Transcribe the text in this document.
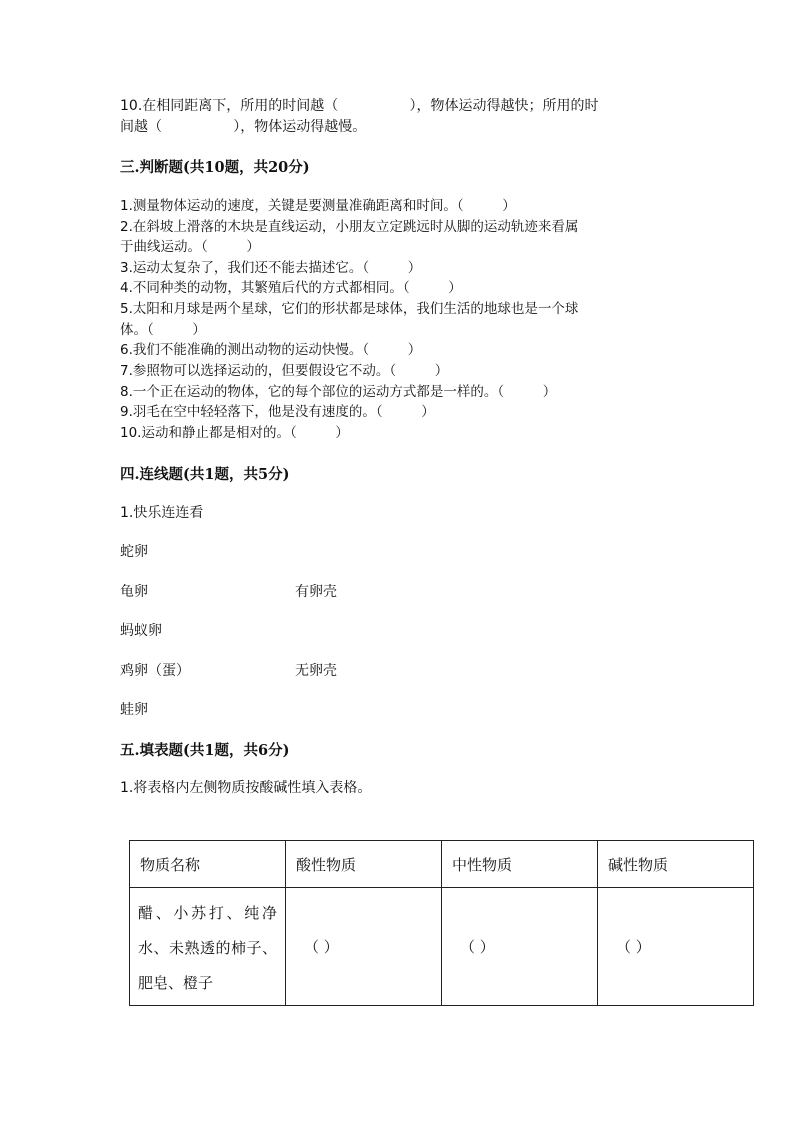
10.在相同距离下，所用的时间越（                ），物体运动得越快；所用的时
间越（                ），物体运动得越慢。
三.判断题(共10题，共20分)
1.测量物体运动的速度，关键是要测量准确距离和时间。（         ）
2.在斜坡上滑落的木块是直线运动，小朋友立定跳远时从脚的运动轨迹来看属
于曲线运动。（         ）
3.运动太复杂了，我们还不能去描述它。（         ）
4.不同种类的动物，其繁殖后代的方式都相同。（         ）
5.太阳和月球是两个星球，它们的形状都是球体，我们生活的地球也是一个球
体。（         ）
6.我们不能准确的测出动物的运动快慢。（         ）
7.参照物可以选择运动的，但要假设它不动。（         ）
8.一个正在运动的物体，它的每个部位的运动方式都是一样的。（         ）
9.羽毛在空中轻轻落下，他是没有速度的。（         ）
10.运动和静止都是相对的。（         ）
四.连线题(共1题，共5分)
1.快乐连连看
蛇卵
龟卵	有卵壳
蚂蚁卵
鸡卵（蛋）	无卵壳
蛙卵
五.填表题(共1题，共6分)
1.将表格内左侧物质按酸碱性填入表格。
物质名称	酸性物质	中性物质	碱性物质
醋、小苏打、纯净水、未熟透的柿子、肥皂、橙子	（ ）	（ ）	（ ）
